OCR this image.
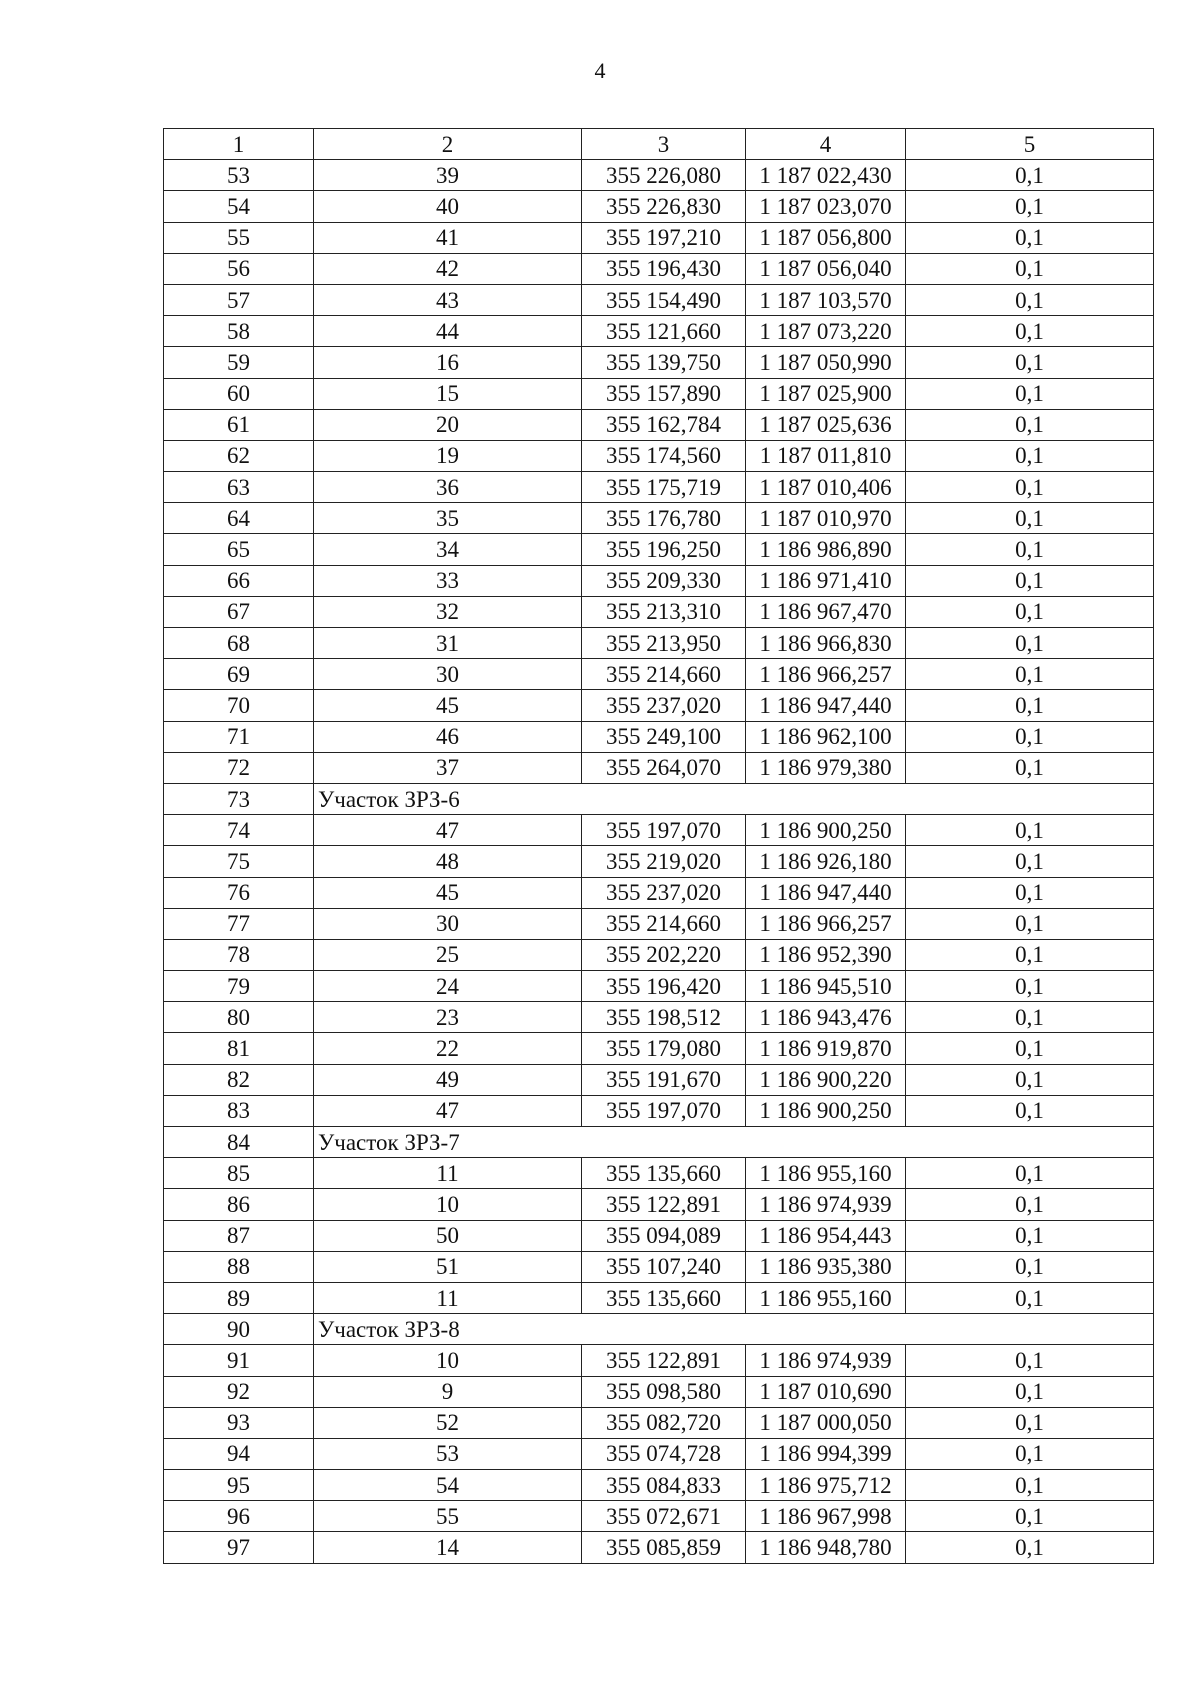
4
1	2	3	4	5
53	39	355 226,080	1 187 022,430	0,1
54	40	355 226,830	1 187 023,070	0,1
55	41	355 197,210	1 187 056,800	0,1
56	42	355 196,430	1 187 056,040	0,1
57	43	355 154,490	1 187 103,570	0,1
58	44	355 121,660	1 187 073,220	0,1
59	16	355 139,750	1 187 050,990	0,1
60	15	355 157,890	1 187 025,900	0,1
61	20	355 162,784	1 187 025,636	0,1
62	19	355 174,560	1 187 011,810	0,1
63	36	355 175,719	1 187 010,406	0,1
64	35	355 176,780	1 187 010,970	0,1
65	34	355 196,250	1 186 986,890	0,1
66	33	355 209,330	1 186 971,410	0,1
67	32	355 213,310	1 186 967,470	0,1
68	31	355 213,950	1 186 966,830	0,1
69	30	355 214,660	1 186 966,257	0,1
70	45	355 237,020	1 186 947,440	0,1
71	46	355 249,100	1 186 962,100	0,1
72	37	355 264,070	1 186 979,380	0,1
73	Участок ЗРЗ-6			
74	47	355 197,070	1 186 900,250	0,1
75	48	355 219,020	1 186 926,180	0,1
76	45	355 237,020	1 186 947,440	0,1
77	30	355 214,660	1 186 966,257	0,1
78	25	355 202,220	1 186 952,390	0,1
79	24	355 196,420	1 186 945,510	0,1
80	23	355 198,512	1 186 943,476	0,1
81	22	355 179,080	1 186 919,870	0,1
82	49	355 191,670	1 186 900,220	0,1
83	47	355 197,070	1 186 900,250	0,1
84	Участок ЗРЗ-7			
85	11	355 135,660	1 186 955,160	0,1
86	10	355 122,891	1 186 974,939	0,1
87	50	355 094,089	1 186 954,443	0,1
88	51	355 107,240	1 186 935,380	0,1
89	11	355 135,660	1 186 955,160	0,1
90	Участок ЗРЗ-8			
91	10	355 122,891	1 186 974,939	0,1
92	9	355 098,580	1 187 010,690	0,1
93	52	355 082,720	1 187 000,050	0,1
94	53	355 074,728	1 186 994,399	0,1
95	54	355 084,833	1 186 975,712	0,1
96	55	355 072,671	1 186 967,998	0,1
97	14	355 085,859	1 186 948,780	0,1
